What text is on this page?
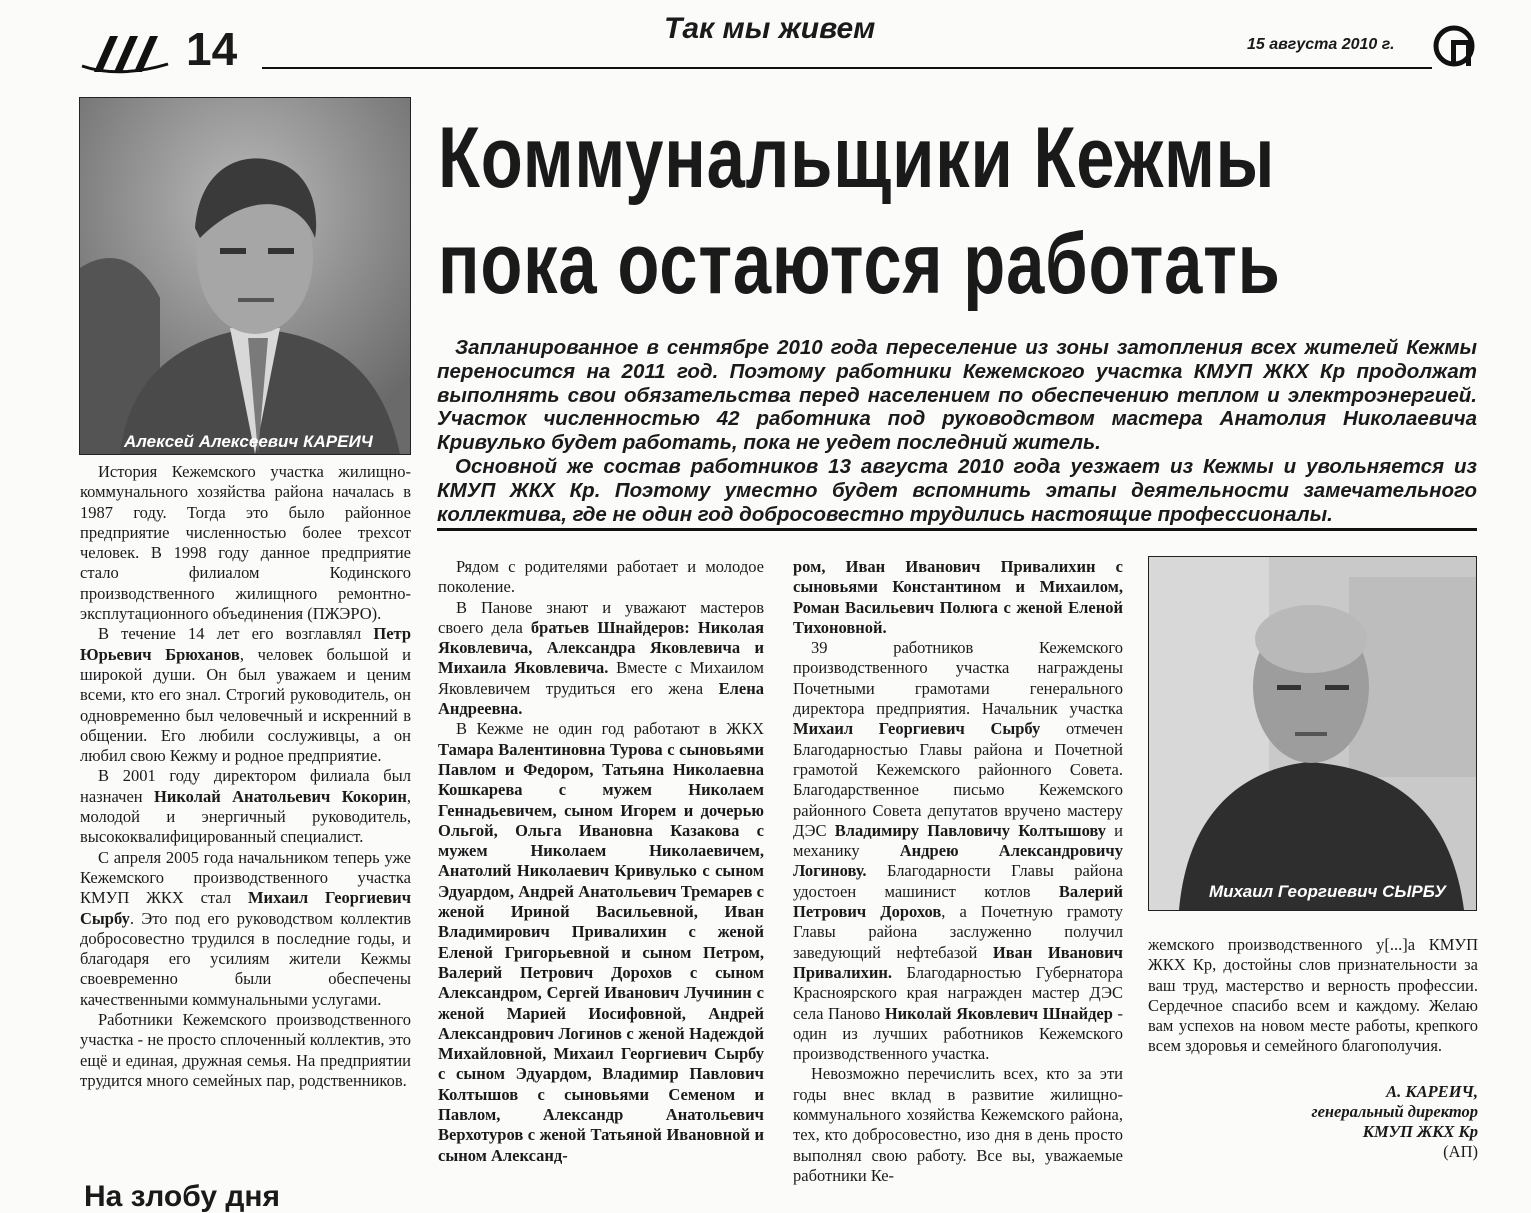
14	Так мы живем	15 августа 2010 г.
Алексей Алексеевич КАРЕИЧ
Коммунальщики Кежмы
пока остаются работать

Запланированное в сентябре 2010 года переселение из зоны затопления всех жителей Кежмы переносится на 2011 год. Поэтому работники Кежемского участка КМУП ЖКХ Кр продолжат выполнять свои обязательства перед населением по обеспечению теплом и электроэнергией. Участок численностью 42 работника под руководством мастера Анатолия Николаевича Кривулько будет работать, пока не уедет последний житель.

Основной же состав работников 13 августа 2010 года уезжает из Кежмы и увольняется из КМУП ЖКХ Кр. Поэтому уместно будет вспомнить этапы деятельности замечательного коллектива, где не один год добросовестно трудились настоящие профессионалы.

История Кежемского участка жилищно-коммунального хозяйства района началась в 1987 году. Тогда это было районное предприятие численностью более трехсот человек. В 1998 году данное предприятие стало филиалом Кодинского производственного жилищного ремонтно-эксплутационного объединения (ПЖЭРО).

В течение 14 лет его возглавлял Петр Юрьевич Брюханов, человек большой и широкой души. Он был уважаем и ценим всеми, кто его знал. Строгий руководитель, он одновременно был человечный и искренний в общении. Его любили сослуживцы, а он любил свою Кежму и родное предприятие.

В 2001 году директором филиала был назначен Николай Анатольевич Кокорин, молодой и энергичный руководитель, высококвалифицированный специалист.

С апреля 2005 года начальником теперь уже Кежемского производственного участка КМУП ЖКХ стал Михаил Георгиевич Сырбу. Это под его руководством коллектив добросовестно трудился в последние годы, и благодаря его усилиям жители Кежмы своевременно были обеспечены качественными коммунальными услугами.

Работники Кежемского производственного участка - не просто сплоченный коллектив, это ещё и единая, дружная семья. На предприятии трудится много семейных пар, родственников.

Рядом с родителями работает и молодое поколение.

В Панове знают и уважают мастеров своего дела братьев Шнайдеров: Николая Яковлевича, Александра Яковлевича и Михаила Яковлевича. Вместе с Михаилом Яковлевичем трудиться его жена Елена Андреевна.

В Кежме не один год работают в ЖКХ Тамара Валентиновна Турова с сыновьями Павлом и Федором, Татьяна Николаевна Кошкарева с мужем Николаем Геннадьевичем, сыном Игорем и дочерью Ольгой, Ольга Ивановна Казакова с мужем Николаем Николаевичем, Анатолий Николаевич Кривулько с сыном Эдуардом, Андрей Анатольевич Тремарев с женой Ириной Васильевной, Иван Владимирович Привалихин с женой Еленой Григорьевной и сыном Петром, Валерий Петрович Дорохов с сыном Александром, Сергей Иванович Лучинин с женой Марией Иосифовной, Андрей Александрович Логинов с женой Надеждой Михайловной, Михаил Георгиевич Сырбу с сыном Эдуардом, Владимир Павлович Колтышов с сыновьями Семеном и Павлом, Александр Анатольевич Верхотуров с женой Татьяной Ивановной и сыном Александ-

ром, Иван Иванович Привалихин с сыновьями Константином и Михаилом, Роман Васильевич Полюга с женой Еленой Тихоновной.

39 работников Кежемского производственного участка награждены Почетными грамотами генерального директора предприятия. Начальник участка Михаил Георгиевич Сырбу отмечен Благодарностью Главы района и Почетной грамотой Кежемского районного Совета. Благодарственное письмо Кежемского районного Совета депутатов вручено мастеру ДЭС Владимиру Павловичу Колтышову и механику Андрею Александровичу Логинову. Благодарности Главы района удостоен машинист котлов Валерий Петрович Дорохов, а Почетную грамоту Главы района заслуженно получил заведующий нефтебазой Иван Иванович Привалихин. Благодарностью Губернатора Красноярского края награжден мастер ДЭС села Паново Николай Яковлевич Шнайдер - один из лучших работников Кежемского производственного участка.

Невозможно перечислить всех, кто за эти годы внес вклад в развитие жилищно-коммунального хозяйства Кежемского района, тех, кто добросовестно, изо дня в день просто выполнял свою работу. Все вы, уважаемые работники Ке-

Михаил Георгиевич СЫРБУ

жемского производственного у[...]а КМУП ЖКХ Кр, достойны слов признательности за ваш труд, мастерство и верность профессии. Сердечное спасибо всем и каждому. Желаю вам успехов на новом месте работы, крепкого всем здоровья и семейного благополучия.

А. КАРЕИЧ,
генеральный директор
КМУП ЖКХ Кр
(АП)
На злобу дня
